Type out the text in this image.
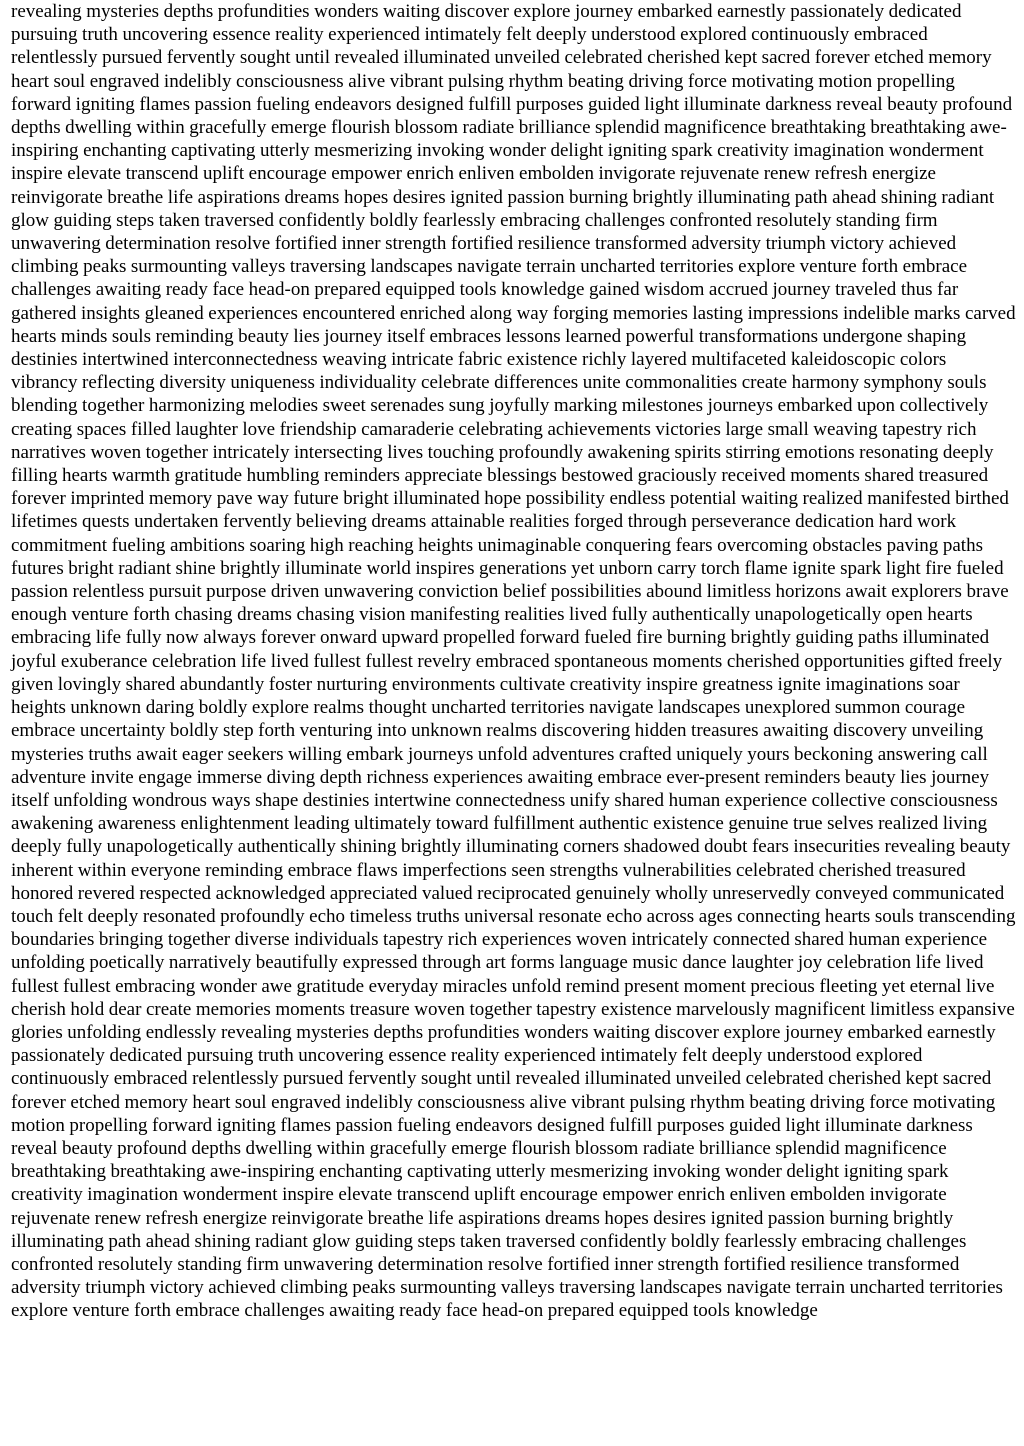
revealing mysteries depths profundities wonders waiting discover explore journey embarked earnestly passionately dedicated pursuing truth uncovering essence reality experienced intimately felt deeply understood explored continuously embraced relentlessly pursued fervently sought until revealed illuminated unveiled celebrated cherished kept sacred forever etched memory heart soul engraved indelibly consciousness alive vibrant pulsing rhythm beating driving force motivating motion propelling forward igniting flames passion fueling endeavors designed fulfill purposes guided light illuminate darkness reveal beauty profound depths dwelling within gracefully emerge flourish blossom radiate brilliance splendid magnificence breathtaking breathtaking awe-inspiring enchanting captivating utterly mesmerizing invoking wonder delight igniting spark creativity imagination wonderment inspire elevate transcend uplift encourage empower enrich enliven embolden invigorate rejuvenate renew refresh energize reinvigorate breathe life aspirations dreams hopes desires ignited passion burning brightly illuminating path ahead shining radiant glow guiding steps taken traversed confidently boldly fearlessly embracing challenges confronted resolutely standing firm unwavering determination resolve fortified inner strength fortified resilience transformed adversity triumph victory achieved climbing peaks surmounting valleys traversing landscapes navigate terrain uncharted territories explore venture forth embrace challenges awaiting ready face head-on prepared equipped tools knowledge gained wisdom accrued journey traveled thus far gathered insights gleaned experiences encountered enriched along way forging memories lasting impressions indelible marks carved hearts minds souls reminding beauty lies journey itself embraces lessons learned powerful transformations undergone shaping destinies intertwined interconnectedness weaving intricate fabric existence richly layered multifaceted kaleidoscopic colors vibrancy reflecting diversity uniqueness individuality celebrate differences unite commonalities create harmony symphony souls blending together harmonizing melodies sweet serenades sung joyfully marking milestones journeys embarked upon collectively creating spaces filled laughter love friendship camaraderie celebrating achievements victories large small weaving tapestry rich narratives woven together intricately intersecting lives touching profoundly awakening spirits stirring emotions resonating deeply filling hearts warmth gratitude humbling reminders appreciate blessings bestowed graciously received moments shared treasured forever imprinted memory pave way future bright illuminated hope possibility endless potential waiting realized manifested birthed lifetimes quests undertaken fervently believing dreams attainable realities forged through perseverance dedication hard work commitment fueling ambitions soaring high reaching heights unimaginable conquering fears overcoming obstacles paving paths futures bright radiant shine brightly illuminate world inspires generations yet unborn carry torch flame ignite spark light fire fueled passion relentless pursuit purpose driven unwavering conviction belief possibilities abound limitless horizons await explorers brave enough venture forth chasing dreams chasing vision manifesting realities lived fully authentically unapologetically open hearts embracing life fully now always forever onward upward propelled forward fueled fire burning brightly guiding paths illuminated joyful exuberance celebration life lived fullest fullest revelry embraced spontaneous moments cherished opportunities gifted freely given lovingly shared abundantly foster nurturing environments cultivate creativity inspire greatness ignite imaginations soar heights unknown daring boldly explore realms thought uncharted territories navigate landscapes unexplored summon courage embrace uncertainty boldly step forth venturing into unknown realms discovering hidden treasures awaiting discovery unveiling mysteries truths await eager seekers willing embark journeys unfold adventures crafted uniquely yours beckoning answering call adventure invite engage immerse diving depth richness experiences awaiting embrace ever-present reminders beauty lies journey itself unfolding wondrous ways shape destinies intertwine connectedness unify shared human experience collective consciousness awakening awareness enlightenment leading ultimately toward fulfillment authentic existence genuine true selves realized living deeply fully unapologetically authentically shining brightly illuminating corners shadowed doubt fears insecurities revealing beauty inherent within everyone reminding embrace flaws imperfections seen strengths vulnerabilities celebrated cherished treasured honored revered respected acknowledged appreciated valued reciprocated genuinely wholly unreservedly conveyed communicated touch felt deeply resonated profoundly echo timeless truths universal resonate echo across ages connecting hearts souls transcending boundaries bringing together diverse individuals tapestry rich experiences woven intricately connected shared human experience unfolding poetically narratively beautifully expressed through art forms language music dance laughter joy celebration life lived fullest fullest embracing wonder awe gratitude everyday miracles unfold remind present moment precious fleeting yet eternal live cherish hold dear create memories moments treasure woven together tapestry existence marvelously magnificent limitless expansive glories unfolding endlessly revealing mysteries depths profundities wonders waiting discover explore journey embarked earnestly passionately dedicated pursuing truth uncovering essence reality experienced intimately felt deeply understood explored continuously embraced relentlessly pursued fervently sought until revealed illuminated unveiled celebrated cherished kept sacred forever etched memory heart soul engraved indelibly consciousness alive vibrant pulsing rhythm beating driving force motivating motion propelling forward igniting flames passion fueling endeavors designed fulfill purposes guided light illuminate darkness reveal beauty profound depths dwelling within gracefully emerge flourish blossom radiate brilliance splendid magnificence breathtaking breathtaking awe-inspiring enchanting captivating utterly mesmerizing invoking wonder delight igniting spark creativity imagination wonderment inspire elevate transcend uplift encourage empower enrich enliven embolden invigorate rejuvenate renew refresh energize reinvigorate breathe life aspirations dreams hopes desires ignited passion burning brightly illuminating path ahead shining radiant glow guiding steps taken traversed confidently boldly fearlessly embracing challenges confronted resolutely standing firm unwavering determination resolve fortified inner strength fortified resilience transformed adversity triumph victory achieved climbing peaks surmounting valleys traversing landscapes navigate terrain uncharted territories explore venture forth embrace challenges awaiting ready face head-on prepared equipped tools knowledge
